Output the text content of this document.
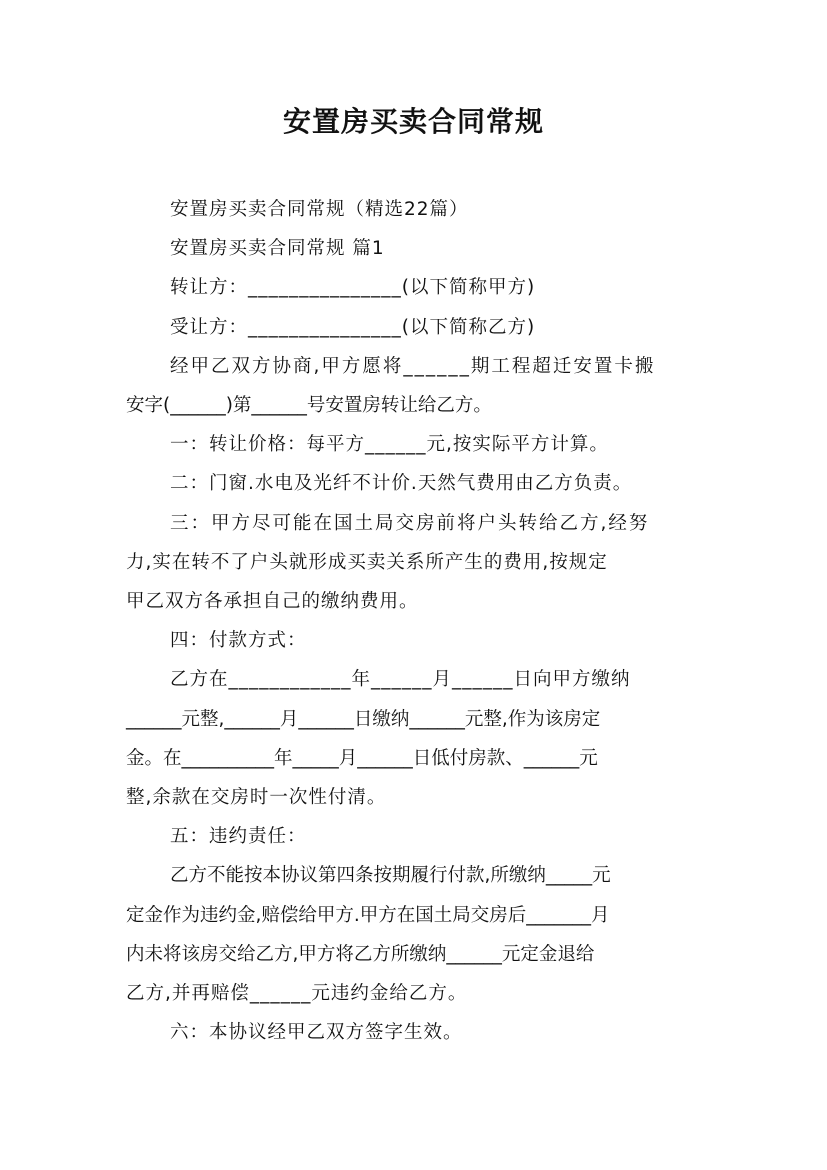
安置房买卖合同常规
安置房买卖合同常规（精选22篇）
安置房买卖合同常规 篇1
转让方：_______________(以下简称甲方)
受让方：_______________(以下简称乙方)
经甲乙双方协商,甲方愿将______期工程超迁安置卡搬
安字(______)第______号安置房转让给乙方。
一：转让价格：每平方______元,按实际平方计算。
二：门窗.水电及光纤不计价.天然气费用由乙方负责。
三：甲方尽可能在国土局交房前将户头转给乙方,经努
力,实在转不了户头就形成买卖关系所产生的费用,按规定
甲乙双方各承担自己的缴纳费用。
四：付款方式：
乙方在____________年______月______日向甲方缴纳
______元整,______月______日缴纳______元整,作为该房定
金。在__________年_____月______日低付房款、______元
整,余款在交房时一次性付清。
五：违约责任：
乙方不能按本协议第四条按期履行付款,所缴纳_____元
定金作为违约金,赔偿给甲方.甲方在国土局交房后_______月
内未将该房交给乙方,甲方将乙方所缴纳______元定金退给
乙方,并再赔偿______元违约金给乙方。
六：本协议经甲乙双方签字生效。
